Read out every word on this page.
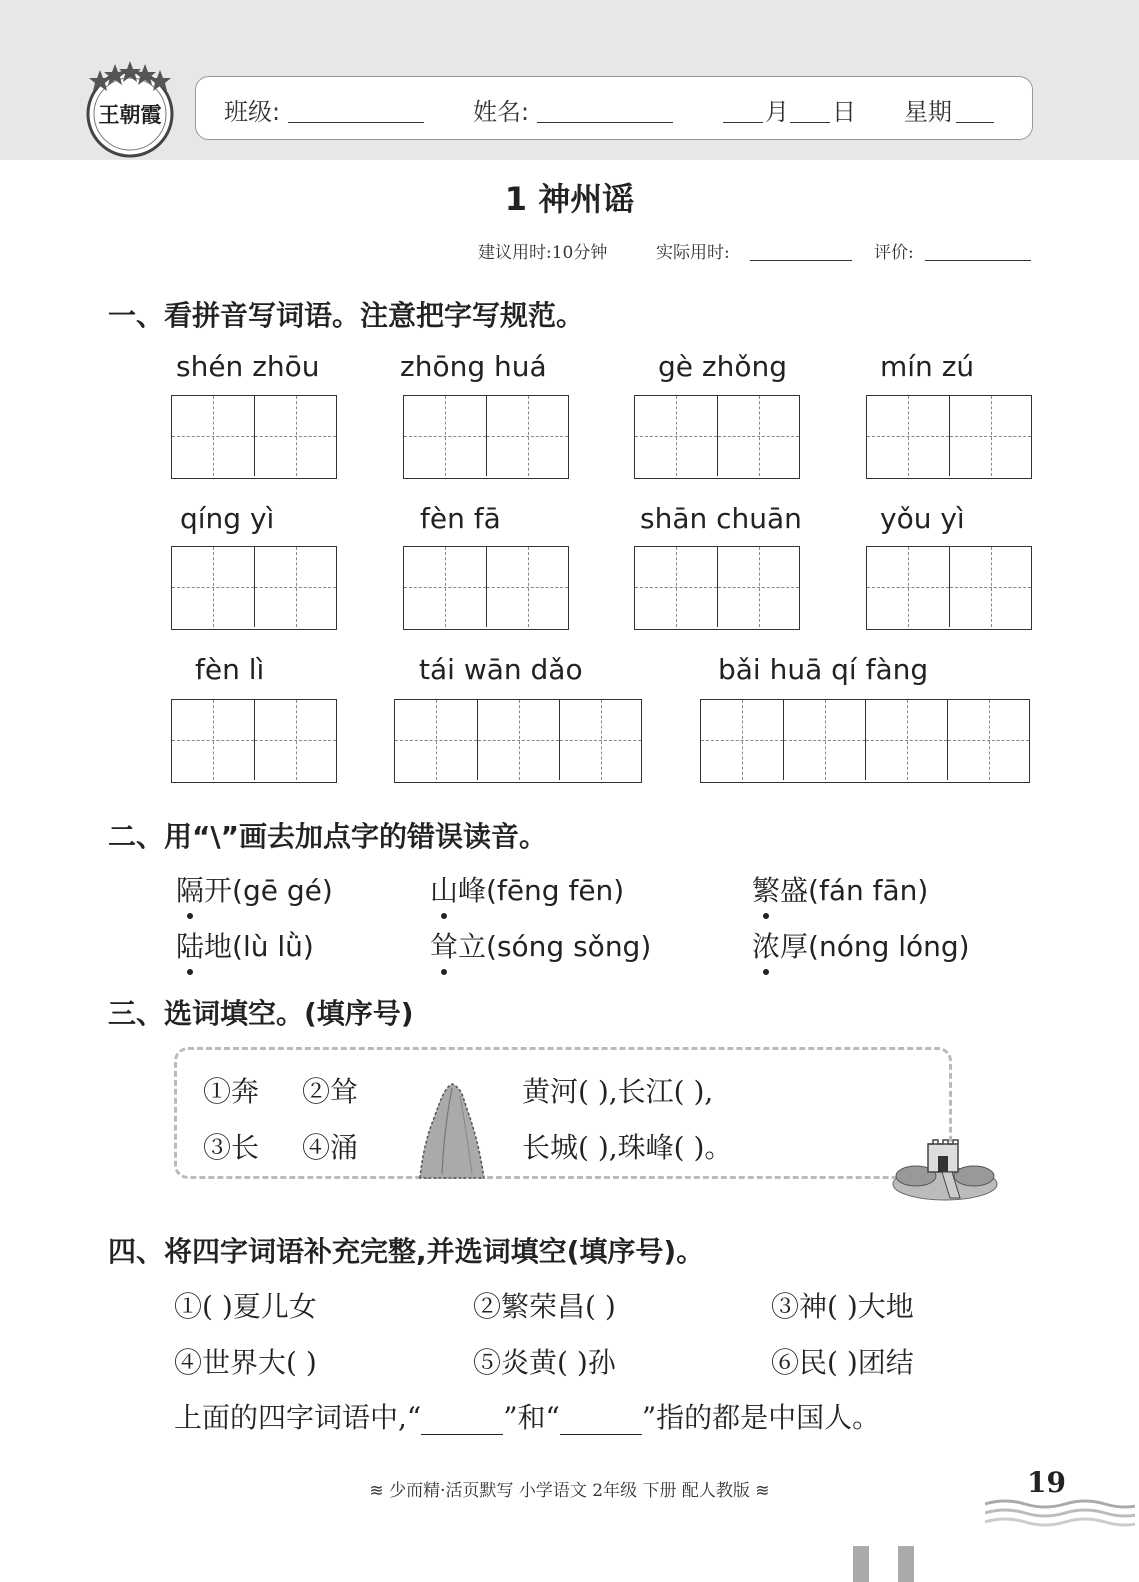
王朝霞	班级:	姓名:	月 日 星期
1 神州谣
建议用时:10分钟	实际用时:	评价:
一、看拼音写词语。注意把字写规范。
shén zhōu	zhōng huá	gè zhǒng	mín zú
qíng yì	fèn fā	shān chuān	yǒu yì
fèn lì	tái wān dǎo	bǎi huā qí fàng
二、用“\”画去加点字的错误读音。
隔开(gē gé)	山峰(fēng fēn)	繁盛(fán fān)
陆地(lù lǜ)	耸立(sóng sǒng)	浓厚(nóng lóng)
三、选词填空。(填序号)
①奔 ②耸
③长 ④涌
黄河( ),长江( ),
长城( ),珠峰( )。
四、将四字词语补充完整,并选词填空(填序号)。
①( )夏儿女	②繁荣昌( )	③神( )大地
④世界大( )	⑤炎黄( )孙	⑥民( )团结
上面的四字词语中,“	”和“	”指的都是中国人。
≋ 少而精·活页默写 小学语文 2年级 下册 配人教版 ≋	19
